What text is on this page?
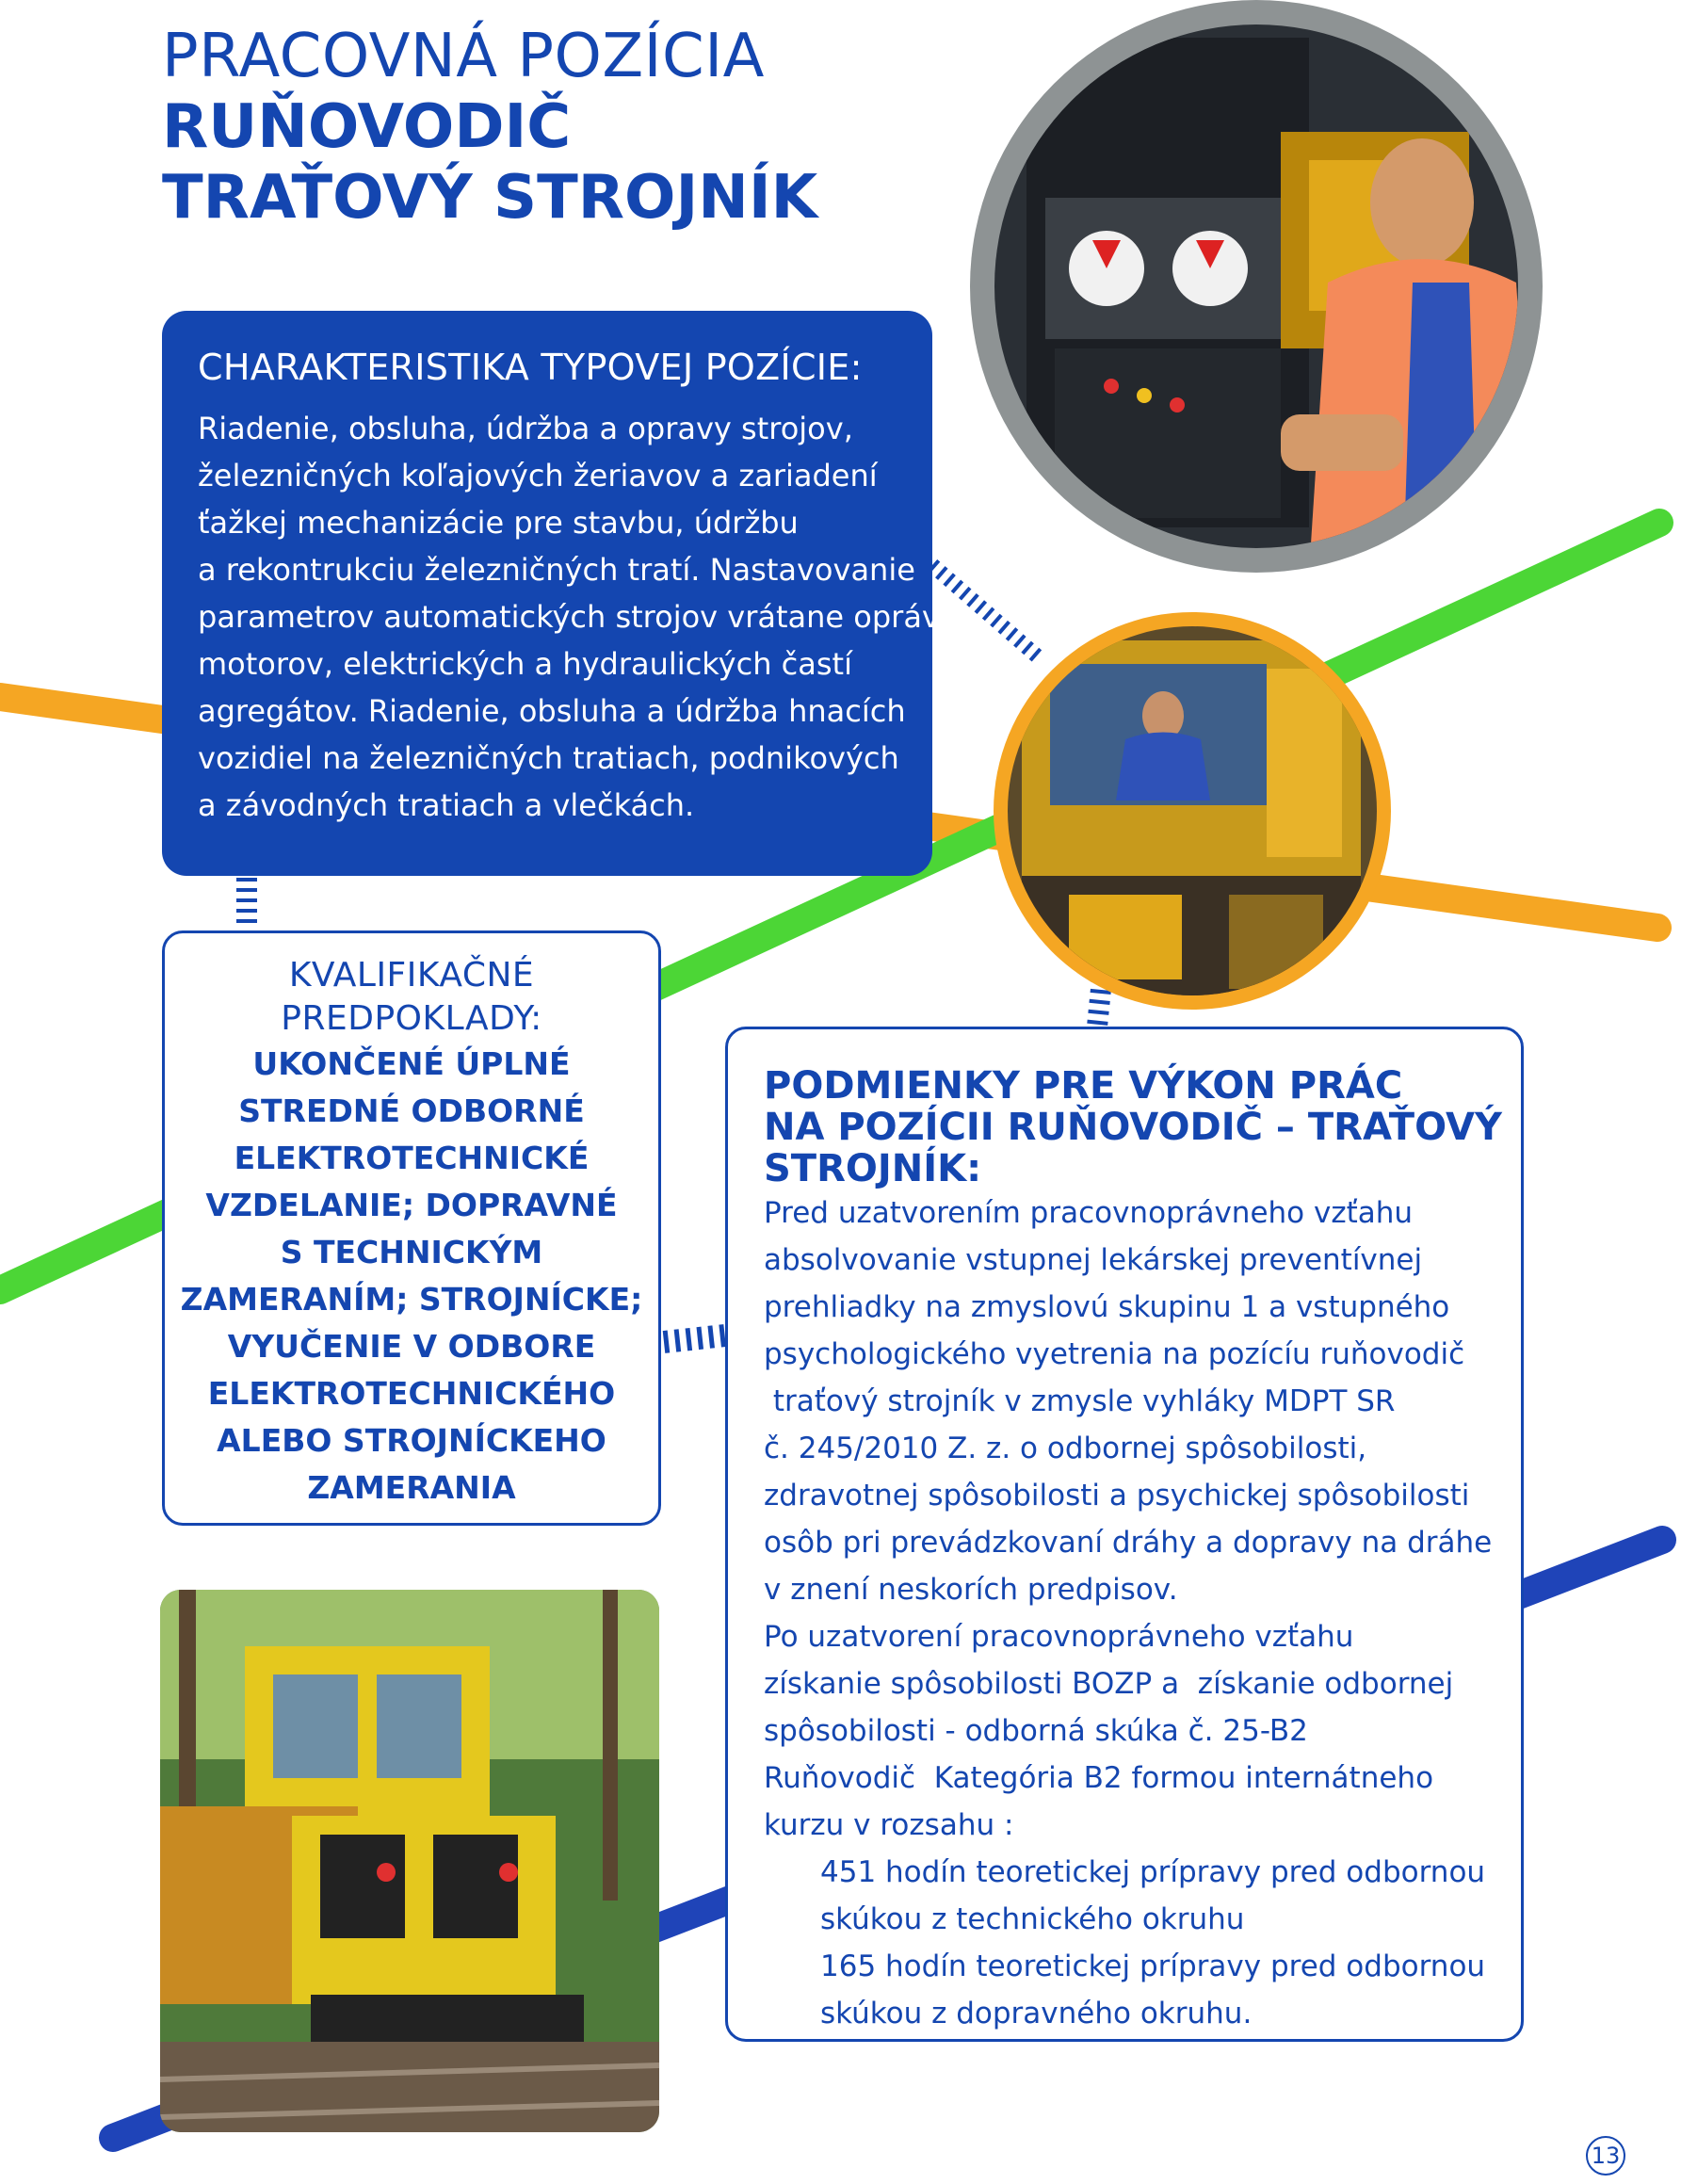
PRACOVNÁ POZÍCIA
RUŇOVODIČ
TRAŤOVÝ STROJNÍK
CHARAKTERISTIKA TYPOVEJ POZÍCIE:
Riadenie, obsluha, údržba a opravy strojov,
železničných koľajových žeriavov a zariadení
ťažkej mechanizácie pre stavbu, údržbu
a rekontrukciu železničných tratí. Nastavovanie
parametrov automatických strojov vrátane opráv
motorov, elektrických a hydraulických častí
agregátov. Riadenie, obsluha a údržba hnacích
vozidiel na železničných tratiach, podnikových
a závodných tratiach a vlečkách.
KVALIFIKAČNÉ
PREDPOKLADY:
UKONČENÉ ÚPLNÉ
STREDNÉ ODBORNÉ
ELEKTROTECHNICKÉ
VZDELANIE; DOPRAVNÉ
S TECHNICKÝM
ZAMERANÍM; STROJNÍCKE;
VYUČENIE V ODBORE
ELEKTROTECHNICKÉHO
ALEBO STROJNÍCKEHO
ZAMERANIA
PODMIENKY PRE VÝKON PRÁC
NA POZÍCII RUŇOVODIČ – TRAŤOVÝ
STROJNÍK:
Pred uzatvorením pracovnoprávneho vzťahu
absolvovanie vstupnej lekárskej preventívnej
prehliadky na zmyslovú skupinu 1 a vstupného
psychologického vyetrenia na pozícíu ruňovodič
traťový strojník v zmysle vyhláky MDPT SR
č. 245/2010 Z. z. o odbornej spôsobilosti,
zdravotnej spôsobilosti a psychickej spôsobilosti
osôb pri prevádzkovaní dráhy a dopravy na dráhe
v znení neskorích predpisov.
Po uzatvorení pracovnoprávneho vzťahu
získanie spôsobilosti BOZP a  získanie odbornej
spôsobilosti - odborná skúka č. 25-B2
Ruňovodič  Kategória B2 formou internátneho
kurzu v rozsahu :
451 hodín teoretickej prípravy pred odbornou
skúkou z technického okruhu
165 hodín teoretickej prípravy pred odbornou
skúkou z dopravného okruhu.
13
